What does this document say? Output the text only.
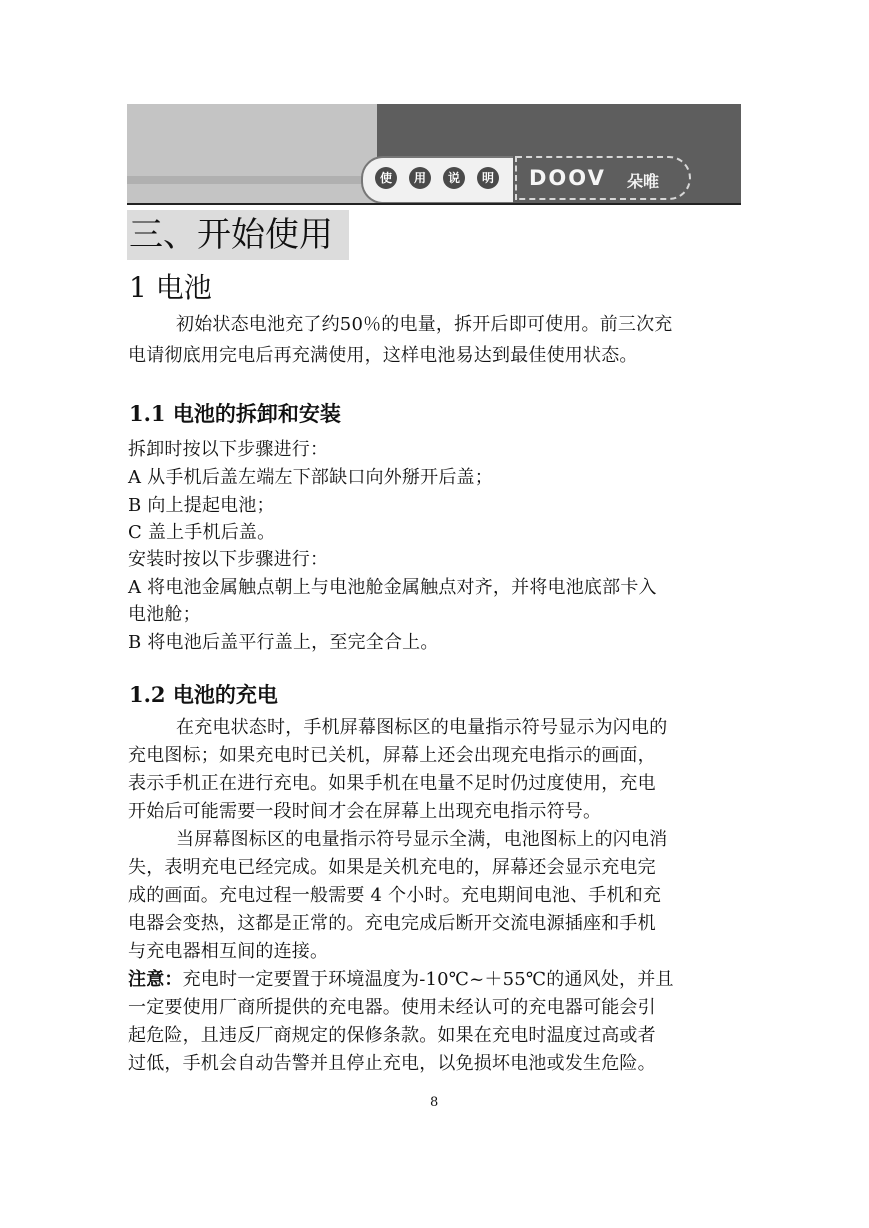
使	用	说	明 DOOV 朵唯
三、开始使用
1 电池
初始状态电池充了约50％的电量，拆开后即可使用。前三次充
电请彻底用完电后再充满使用，这样电池易达到最佳使用状态。
1.1 电池的拆卸和安装
拆卸时按以下步骤进行：
A 从手机后盖左端左下部缺口向外掰开后盖；
B 向上提起电池；
C 盖上手机后盖。
安装时按以下步骤进行：
A 将电池金属触点朝上与电池舱金属触点对齐，并将电池底部卡入
电池舱；
B 将电池后盖平行盖上，至完全合上。
1.2 电池的充电
在充电状态时，手机屏幕图标区的电量指示符号显示为闪电的
充电图标；如果充电时已关机，屏幕上还会出现充电指示的画面，
表示手机正在进行充电。如果手机在电量不足时仍过度使用，充电
开始后可能需要一段时间才会在屏幕上出现充电指示符号。
当屏幕图标区的电量指示符号显示全满，电池图标上的闪电消
失，表明充电已经完成。如果是关机充电的，屏幕还会显示充电完
成的画面。充电过程一般需要 4 个小时。充电期间电池、手机和充
电器会变热，这都是正常的。充电完成后断开交流电源插座和手机
与充电器相互间的连接。
注意：充电时一定要置于环境温度为-10℃~＋55℃的通风处，并且
一定要使用厂商所提供的充电器。使用未经认可的充电器可能会引
起危险，且违反厂商规定的保修条款。如果在充电时温度过高或者
过低，手机会自动告警并且停止充电，以免损坏电池或发生危险。
8
